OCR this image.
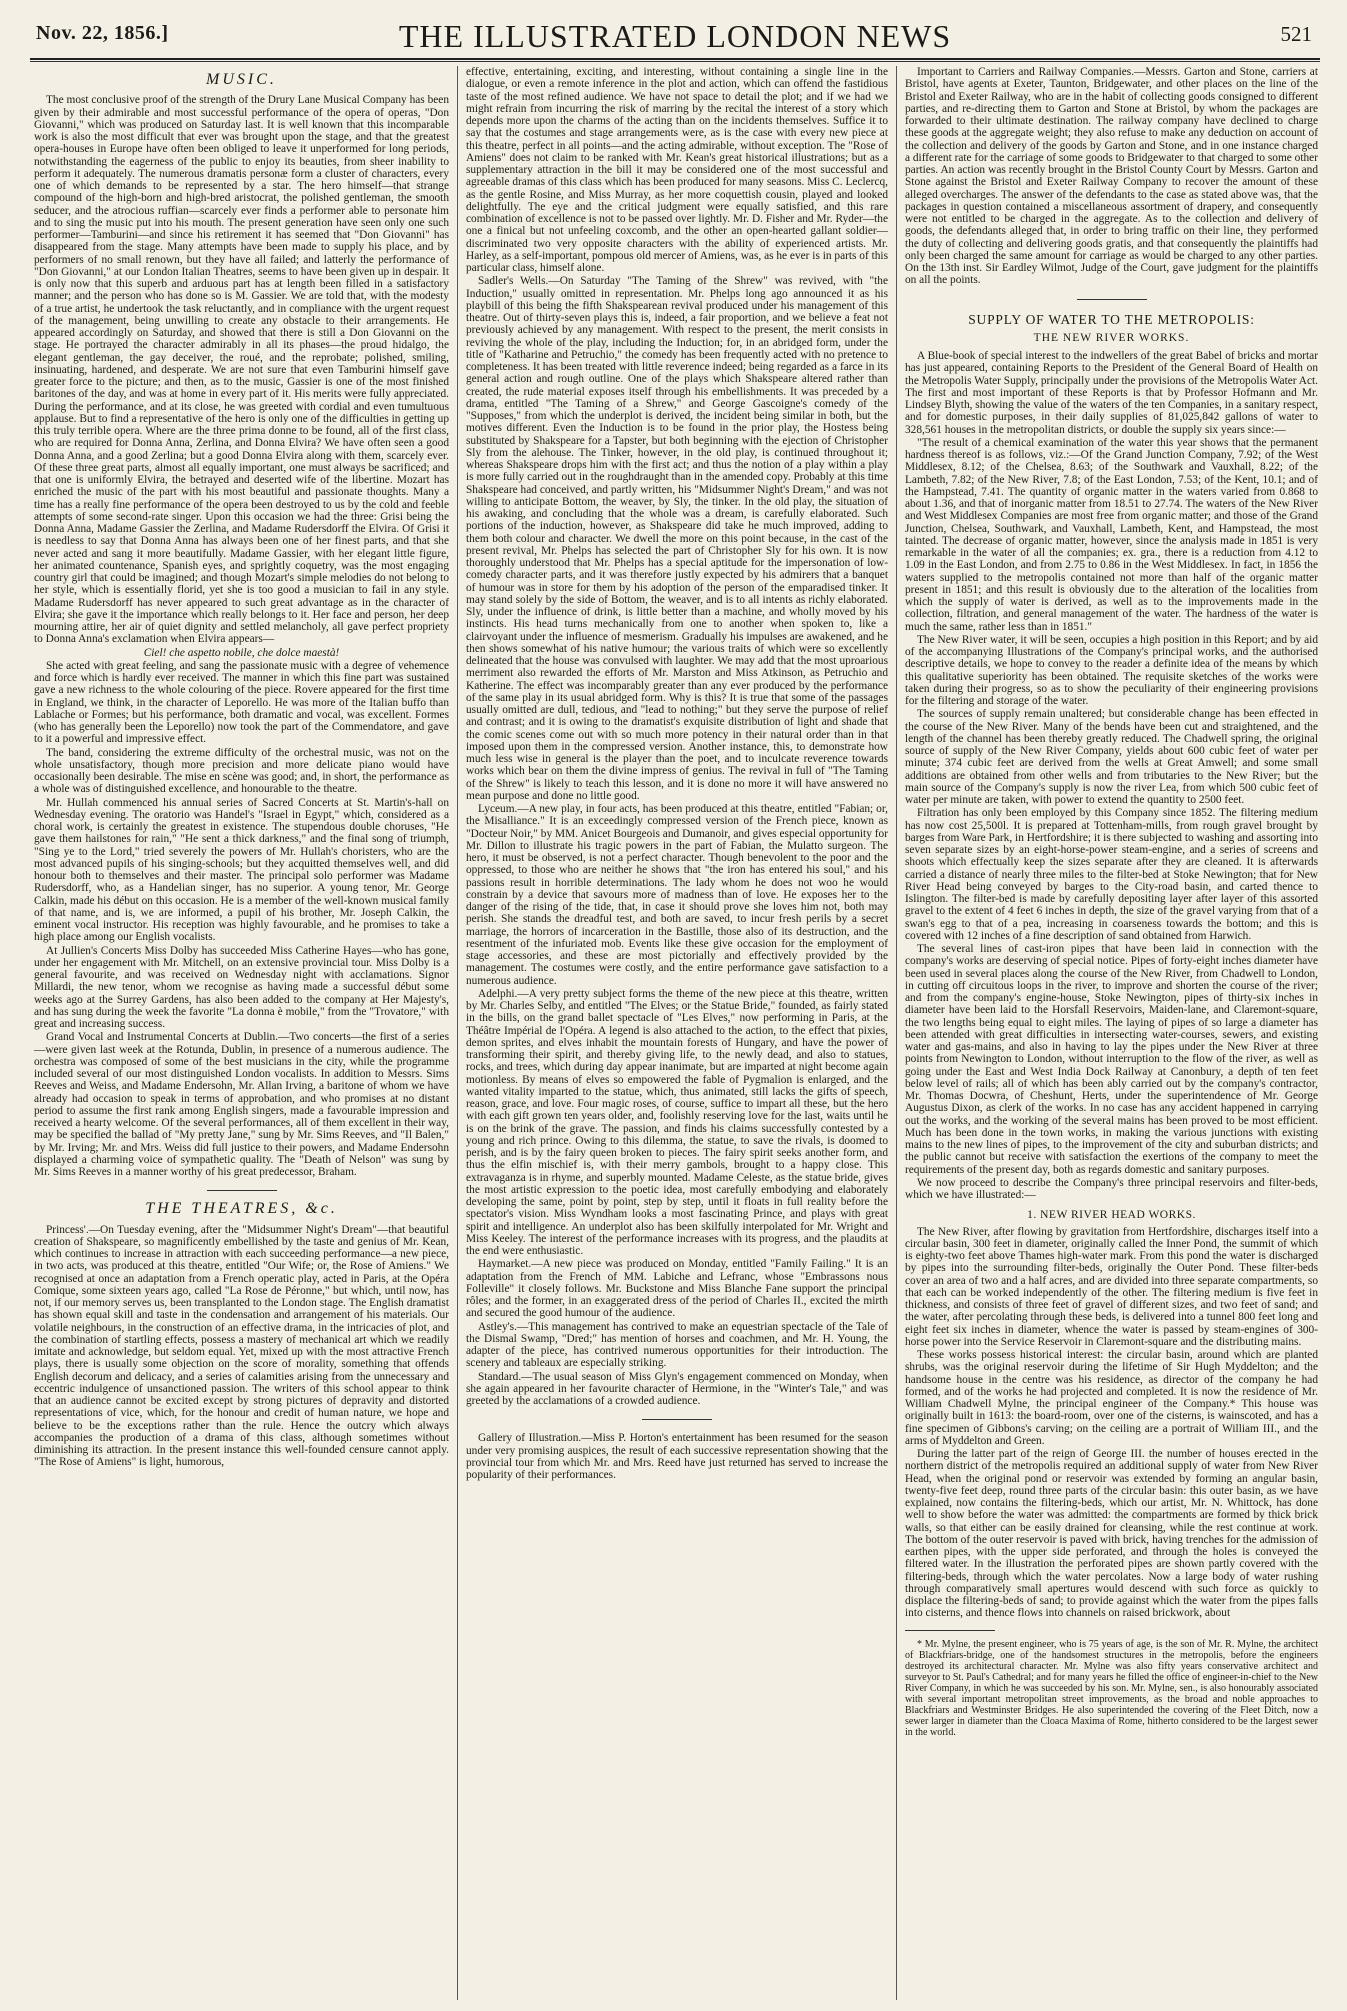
Nov. 22, 1856.]	THE ILLUSTRATED LONDON NEWS	521
MUSIC.

The most conclusive proof of the strength of the Drury Lane Musical Company has been given by their admirable and most successful performance of the opera of operas, "Don Giovanni," which was produced on Saturday last. It is well known that this incomparable work is also the most difficult that ever was brought upon the stage, and that the greatest opera-houses in Europe have often been obliged to leave it unperformed for long periods, notwithstanding the eagerness of the public to enjoy its beauties, from sheer inability to perform it adequately. The numerous dramatis personæ form a cluster of characters, every one of which demands to be represented by a star. The hero himself—that strange compound of the high-born and high-bred aristocrat, the polished gentleman, the smooth seducer, and the atrocious ruffian—scarcely ever finds a performer able to personate him and to sing the music put into his mouth. The present generation have seen only one such performer—Tamburini—and since his retirement it has seemed that "Don Giovanni" has disappeared from the stage. Many attempts have been made to supply his place, and by performers of no small renown, but they have all failed; and latterly the performance of "Don Giovanni," at our London Italian Theatres, seems to have been given up in despair. It is only now that this superb and arduous part has at length been filled in a satisfactory manner; and the person who has done so is M. Gassier. We are told that, with the modesty of a true artist, he undertook the task reluctantly, and in compliance with the urgent request of the management, being unwilling to create any obstacle to their arrangements. He appeared accordingly on Saturday, and showed that there is still a Don Giovanni on the stage. He portrayed the character admirably in all its phases—the proud hidalgo, the elegant gentleman, the gay deceiver, the roué, and the reprobate; polished, smiling, insinuating, hardened, and desperate. We are not sure that even Tamburini himself gave greater force to the picture; and then, as to the music, Gassier is one of the most finished baritones of the day, and was at home in every part of it. His merits were fully appreciated. During the performance, and at its close, he was greeted with cordial and even tumultuous applause. But to find a representative of the hero is only one of the difficulties in getting up this truly terrible opera. Where are the three prima donne to be found, all of the first class, who are required for Donna Anna, Zerlina, and Donna Elvira? We have often seen a good Donna Anna, and a good Zerlina; but a good Donna Elvira along with them, scarcely ever. Of these three great parts, almost all equally important, one must always be sacrificed; and that one is uniformly Elvira, the betrayed and deserted wife of the libertine. Mozart has enriched the music of the part with his most beautiful and passionate thoughts. Many a time has a really fine performance of the opera been destroyed to us by the cold and feeble attempts of some second-rate singer. Upon this occasion we had the three: Grisi being the Donna Anna, Madame Gassier the Zerlina, and Madame Rudersdorff the Elvira. Of Grisi it is needless to say that Donna Anna has always been one of her finest parts, and that she never acted and sang it more beautifully. Madame Gassier, with her elegant little figure, her animated countenance, Spanish eyes, and sprightly coquetry, was the most engaging country girl that could be imagined; and though Mozart's simple melodies do not belong to her style, which is essentially florid, yet she is too good a musician to fail in any style. Madame Rudersdorff has never appeared to such great advantage as in the character of Elvira; she gave it the importance which really belongs to it. Her face and person, her deep mourning attire, her air of quiet dignity and settled melancholy, all gave perfect propriety to Donna Anna's exclamation when Elvira appears—

Ciel! che aspetto nobile, che dolce maestà!

She acted with great feeling, and sang the passionate music with a degree of vehemence and force which is hardly ever received. The manner in which this fine part was sustained gave a new richness to the whole colouring of the piece. Rovere appeared for the first time in England, we think, in the character of Leporello. He was more of the Italian buffo than Lablache or Formes; but his performance, both dramatic and vocal, was excellent. Formes (who has generally been the Leporello) now took the part of the Commendatore, and gave to it a powerful and impressive effect.

The band, considering the extreme difficulty of the orchestral music, was not on the whole unsatisfactory, though more precision and more delicate piano would have occasionally been desirable. The mise en scène was good; and, in short, the performance as a whole was of distinguished excellence, and honourable to the theatre.

Mr. Hullah commenced his annual series of Sacred Concerts at St. Martin's-hall on Wednesday evening. The oratorio was Handel's "Israel in Egypt," which, considered as a choral work, is certainly the greatest in existence. The stupendous double choruses, "He gave them hailstones for rain," "He sent a thick darkness," and the final song of triumph, "Sing ye to the Lord," tried severely the powers of Mr. Hullah's choristers, who are the most advanced pupils of his singing-schools; but they acquitted themselves well, and did honour both to themselves and their master. The principal solo performer was Madame Rudersdorff, who, as a Handelian singer, has no superior. A young tenor, Mr. George Calkin, made his début on this occasion. He is a member of the well-known musical family of that name, and is, we are informed, a pupil of his brother, Mr. Joseph Calkin, the eminent vocal instructor. His reception was highly favourable, and he promises to take a high place among our English vocalists.

At Jullien's Concerts Miss Dolby has succeeded Miss Catherine Hayes—who has gone, under her engagement with Mr. Mitchell, on an extensive provincial tour. Miss Dolby is a general favourite, and was received on Wednesday night with acclamations. Signor Millardi, the new tenor, whom we recognise as having made a successful début some weeks ago at the Surrey Gardens, has also been added to the company at Her Majesty's, and has sung during the week the favorite "La donna è mobile," from the "Trovatore," with great and increasing success.

Grand Vocal and Instrumental Concerts at Dublin.—Two concerts—the first of a series—were given last week at the Rotunda, Dublin, in presence of a numerous audience. The orchestra was composed of some of the best musicians in the city, while the programme included several of our most distinguished London vocalists. In addition to Messrs. Sims Reeves and Weiss, and Madame Endersohn, Mr. Allan Irving, a baritone of whom we have already had occasion to speak in terms of approbation, and who promises at no distant period to assume the first rank among English singers, made a favourable impression and received a hearty welcome. Of the several performances, all of them excellent in their way, may be specified the ballad of "My pretty Jane," sung by Mr. Sims Reeves, and "Il Balen," by Mr. Irving; Mr. and Mrs. Weiss did full justice to their powers, and Madame Endersohn displayed a charming voice of sympathetic quality. The "Death of Nelson" was sung by Mr. Sims Reeves in a manner worthy of his great predecessor, Braham.

THE THEATRES, &c.

Princess'.—On Tuesday evening, after the "Midsummer Night's Dream"—that beautiful creation of Shakspeare, so magnificently embellished by the taste and genius of Mr. Kean, which continues to increase in attraction with each succeeding performance—a new piece, in two acts, was produced at this theatre, entitled "Our Wife; or, the Rose of Amiens." We recognised at once an adaptation from a French operatic play, acted in Paris, at the Opéra Comique, some sixteen years ago, called "La Rose de Péronne," but which, until now, has not, if our memory serves us, been transplanted to the London stage. The English dramatist has shown equal skill and taste in the condensation and arrangement of his materials. Our volatile neighbours, in the construction of an effective drama, in the intricacies of plot, and the combination of startling effects, possess a mastery of mechanical art which we readily imitate and acknowledge, but seldom equal. Yet, mixed up with the most attractive French plays, there is usually some objection on the score of morality, something that offends English decorum and delicacy, and a series of calamities arising from the unnecessary and eccentric indulgence of unsanctioned passion. The writers of this school appear to think that an audience cannot be excited except by strong pictures of depravity and distorted representations of vice, which, for the honour and credit of human nature, we hope and believe to be the exceptions rather than the rule. Hence the outcry which always accompanies the production of a drama of this class, although sometimes without diminishing its attraction. In the present instance this well-founded censure cannot apply. "The Rose of Amiens" is light, humorous,

effective, entertaining, exciting, and interesting, without containing a single line in the dialogue, or even a remote inference in the plot and action, which can offend the fastidious taste of the most refined audience. We have not space to detail the plot; and if we had we might refrain from incurring the risk of marring by the recital the interest of a story which depends more upon the charms of the acting than on the incidents themselves. Suffice it to say that the costumes and stage arrangements were, as is the case with every new piece at this theatre, perfect in all points—and the acting admirable, without exception. The "Rose of Amiens" does not claim to be ranked with Mr. Kean's great historical illustrations; but as a supplementary attraction in the bill it may be considered one of the most successful and agreeable dramas of this class which has been produced for many seasons. Miss C. Leclercq, as the gentle Rosine, and Miss Murray, as her more coquettish cousin, played and looked delightfully. The eye and the critical judgment were equally satisfied, and this rare combination of excellence is not to be passed over lightly. Mr. D. Fisher and Mr. Ryder—the one a finical but not unfeeling coxcomb, and the other an open-hearted gallant soldier—discriminated two very opposite characters with the ability of experienced artists. Mr. Harley, as a self-important, pompous old mercer of Amiens, was, as he ever is in parts of this particular class, himself alone.

Sadler's Wells.—On Saturday "The Taming of the Shrew" was revived, with "the Induction," usually omitted in representation. Mr. Phelps long ago announced it as his playbill of this being the fifth Shakspearean revival produced under his management of this theatre. Out of thirty-seven plays this is, indeed, a fair proportion, and we believe a feat not previously achieved by any management. With respect to the present, the merit consists in reviving the whole of the play, including the Induction; for, in an abridged form, under the title of "Katharine and Petruchio," the comedy has been frequently acted with no pretence to completeness. It has been treated with little reverence indeed; being regarded as a farce in its general action and rough outline. One of the plays which Shakspeare altered rather than created, the rude material exposes itself through his embellishments. It was preceded by a drama, entitled "The Taming of a Shrew," and George Gascoigne's comedy of the "Supposes," from which the underplot is derived, the incident being similar in both, but the motives different. Even the Induction is to be found in the prior play, the Hostess being substituted by Shakspeare for a Tapster, but both beginning with the ejection of Christopher Sly from the alehouse. The Tinker, however, in the old play, is continued throughout it; whereas Shakspeare drops him with the first act; and thus the notion of a play within a play is more fully carried out in the roughdraught than in the amended copy. Probably at this time Shakspeare had conceived, and partly written, his "Midsummer Night's Dream," and was not willing to anticipate Bottom, the weaver, by Sly, the tinker. In the old play, the situation of his awaking, and concluding that the whole was a dream, is carefully elaborated. Such portions of the induction, however, as Shakspeare did take he much improved, adding to them both colour and character. We dwell the more on this point because, in the cast of the present revival, Mr. Phelps has selected the part of Christopher Sly for his own. It is now thoroughly understood that Mr. Phelps has a special aptitude for the impersonation of low-comedy character parts, and it was therefore justly expected by his admirers that a banquet of humour was in store for them by his adoption of the person of the emparadised tinker. It may stand solely by the side of Bottom, the weaver, and is to all intents as richly elaborated. Sly, under the influence of drink, is little better than a machine, and wholly moved by his instincts. His head turns mechanically from one to another when spoken to, like a clairvoyant under the influence of mesmerism. Gradually his impulses are awakened, and he then shows somewhat of his native humour; the various traits of which were so excellently delineated that the house was convulsed with laughter. We may add that the most uproarious merriment also rewarded the efforts of Mr. Marston and Miss Atkinson, as Petruchio and Katherine. The effect was incomparably greater than any ever produced by the performance of the same play in its usual abridged form. Why is this? It is true that some of the passages usually omitted are dull, tedious, and "lead to nothing;" but they serve the purpose of relief and contrast; and it is owing to the dramatist's exquisite distribution of light and shade that the comic scenes come out with so much more potency in their natural order than in that imposed upon them in the compressed version. Another instance, this, to demonstrate how much less wise in general is the player than the poet, and to inculcate reverence towards works which bear on them the divine impress of genius. The revival in full of "The Taming of the Shrew" is likely to teach this lesson, and it is done no more it will have answered no mean purpose and done no little good.

Lyceum.—A new play, in four acts, has been produced at this theatre, entitled "Fabian; or, the Misalliance." It is an exceedingly compressed version of the French piece, known as "Docteur Noir," by MM. Anicet Bourgeois and Dumanoir, and gives especial opportunity for Mr. Dillon to illustrate his tragic powers in the part of Fabian, the Mulatto surgeon. The hero, it must be observed, is not a perfect character. Though benevolent to the poor and the oppressed, to those who are neither he shows that "the iron has entered his soul," and his passions result in horrible determinations. The lady whom he does not woo he would constrain by a device that savours more of madness than of love. He exposes her to the danger of the rising of the tide, that, in case it should prove she loves him not, both may perish. She stands the dreadful test, and both are saved, to incur fresh perils by a secret marriage, the horrors of incarceration in the Bastille, those also of its destruction, and the resentment of the infuriated mob. Events like these give occasion for the employment of stage accessories, and these are most pictorially and effectively provided by the management. The costumes were costly, and the entire performance gave satisfaction to a numerous audience.

Adelphi.—A very pretty subject forms the theme of the new piece at this theatre, written by Mr. Charles Selby, and entitled "The Elves; or the Statue Bride," founded, as fairly stated in the bills, on the grand ballet spectacle of "Les Elves," now performing in Paris, at the Théâtre Impérial de l'Opéra. A legend is also attached to the action, to the effect that pixies, demon sprites, and elves inhabit the mountain forests of Hungary, and have the power of transforming their spirit, and thereby giving life, to the newly dead, and also to statues, rocks, and trees, which during day appear inanimate, but are imparted at night become again motionless. By means of elves so empowered the fable of Pygmalion is enlarged, and the wanted vitality imparted to the statue, which, thus animated, still lacks the gifts of speech, reason, grace, and love. Four magic roses, of course, suffice to impart all these, but the hero with each gift grown ten years older, and, foolishly reserving love for the last, waits until he is on the brink of the grave. The passion, and finds his claims successfully contested by a young and rich prince. Owing to this dilemma, the statue, to save the rivals, is doomed to perish, and is by the fairy queen broken to pieces. The fairy spirit seeks another form, and thus the elfin mischief is, with their merry gambols, brought to a happy close. This extravaganza is in rhyme, and superbly mounted. Madame Celeste, as the statue bride, gives the most artistic expression to the poetic idea, most carefully embodying and elaborately developing the same, point by point, step by step, until it floats in full reality before the spectator's vision. Miss Wyndham looks a most fascinating Prince, and plays with great spirit and intelligence. An underplot also has been skilfully interpolated for Mr. Wright and Miss Keeley. The interest of the performance increases with its progress, and the plaudits at the end were enthusiastic.

Haymarket.—A new piece was produced on Monday, entitled "Family Failing." It is an adaptation from the French of MM. Labiche and Lefranc, whose "Embrassons nous Folleville" it closely follows. Mr. Buckstone and Miss Blanche Fane support the principal rôles; and the former, in an exaggerated dress of the period of Charles II., excited the mirth and secured the good humour of the audience.

Astley's.—This management has contrived to make an equestrian spectacle of the Tale of the Dismal Swamp, "Dred;" has mention of horses and coachmen, and Mr. H. Young, the adapter of the piece, has contrived numerous opportunities for their introduction. The scenery and tableaux are especially striking.

Standard.—The usual season of Miss Glyn's engagement commenced on Monday, when she again appeared in her favourite character of Hermione, in the "Winter's Tale," and was greeted by the acclamations of a crowded audience.

Gallery of Illustration.—Miss P. Horton's entertainment has been resumed for the season under very promising auspices, the result of each successive representation showing that the provincial tour from which Mr. and Mrs. Reed have just returned has served to increase the popularity of their performances.

Important to Carriers and Railway Companies.—Messrs. Garton and Stone, carriers at Bristol, have agents at Exeter, Taunton, Bridgewater, and other places on the line of the Bristol and Exeter Railway, who are in the habit of collecting goods consigned to different parties, and re-directing them to Garton and Stone at Bristol, by whom the packages are forwarded to their ultimate destination. The railway company have declined to charge these goods at the aggregate weight; they also refuse to make any deduction on account of the collection and delivery of the goods by Garton and Stone, and in one instance charged a different rate for the carriage of some goods to Bridgewater to that charged to some other parties. An action was recently brought in the Bristol County Court by Messrs. Garton and Stone against the Bristol and Exeter Railway Company to recover the amount of these alleged overcharges. The answer of the defendants to the case as stated above was, that the packages in question contained a miscellaneous assortment of drapery, and consequently were not entitled to be charged in the aggregate. As to the collection and delivery of goods, the defendants alleged that, in order to bring traffic on their line, they performed the duty of collecting and delivering goods gratis, and that consequently the plaintiffs had only been charged the same amount for carriage as would be charged to any other parties. On the 13th inst. Sir Eardley Wilmot, Judge of the Court, gave judgment for the plaintiffs on all the points.

SUPPLY OF WATER TO THE METROPOLIS:
THE NEW RIVER WORKS.

A Blue-book of special interest to the indwellers of the great Babel of bricks and mortar has just appeared, containing Reports to the President of the General Board of Health on the Metropolis Water Supply, principally under the provisions of the Metropolis Water Act. The first and most important of these Reports is that by Professor Hofmann and Mr. Lindsey Blyth, showing the value of the waters of the ten Companies, in a sanitary respect, and for domestic purposes, in their daily supplies of 81,025,842 gallons of water to 328,561 houses in the metropolitan districts, or double the supply six years since:—

"The result of a chemical examination of the water this year shows that the permanent hardness thereof is as follows, viz.:—Of the Grand Junction Company, 7.92; of the West Middlesex, 8.12; of the Chelsea, 8.63; of the Southwark and Vauxhall, 8.22; of the Lambeth, 7.82; of the New River, 7.8; of the East London, 7.53; of the Kent, 10.1; and of the Hampstead, 7.41. The quantity of organic matter in the waters varied from 0.868 to about 1.36, and that of inorganic matter from 18.51 to 27.74. The waters of the New River and West Middlesex Companies are most free from organic matter; and those of the Grand Junction, Chelsea, Southwark, and Vauxhall, Lambeth, Kent, and Hampstead, the most tainted. The decrease of organic matter, however, since the analysis made in 1851 is very remarkable in the water of all the companies; ex. gra., there is a reduction from 4.12 to 1.09 in the East London, and from 2.75 to 0.86 in the West Middlesex. In fact, in 1856 the waters supplied to the metropolis contained not more than half of the organic matter present in 1851; and this result is obviously due to the alteration of the localities from which the supply of water is derived, as well as to the improvements made in the collection, filtration, and general management of the water. The hardness of the water is much the same, rather less than in 1851."

The New River water, it will be seen, occupies a high position in this Report; and by aid of the accompanying Illustrations of the Company's principal works, and the authorised descriptive details, we hope to convey to the reader a definite idea of the means by which this qualitative superiority has been obtained. The requisite sketches of the works were taken during their progress, so as to show the peculiarity of their engineering provisions for the filtering and storage of the water.

The sources of supply remain unaltered; but considerable change has been effected in the course of the New River. Many of the bends have been cut and straightened, and the length of the channel has been thereby greatly reduced. The Chadwell spring, the original source of supply of the New River Company, yields about 600 cubic feet of water per minute; 374 cubic feet are derived from the wells at Great Amwell; and some small additions are obtained from other wells and from tributaries to the New River; but the main source of the Company's supply is now the river Lea, from which 500 cubic feet of water per minute are taken, with power to extend the quantity to 2500 feet.

Filtration has only been employed by this Company since 1852. The filtering medium has now cost 25,500l. It is prepared at Tottenham-mills, from rough gravel brought by barges from Ware Park, in Hertfordshire; it is there subjected to washing and assorting into seven separate sizes by an eight-horse-power steam-engine, and a series of screens and shoots which effectually keep the sizes separate after they are cleaned. It is afterwards carried a distance of nearly three miles to the filter-bed at Stoke Newington; that for New River Head being conveyed by barges to the City-road basin, and carted thence to Islington. The filter-bed is made by carefully depositing layer after layer of this assorted gravel to the extent of 4 feet 6 inches in depth, the size of the gravel varying from that of a swan's egg to that of a pea, increasing in coarseness towards the bottom; and this is covered with 12 inches of a fine description of sand obtained from Harwich.

The several lines of cast-iron pipes that have been laid in connection with the company's works are deserving of special notice. Pipes of forty-eight inches diameter have been used in several places along the course of the New River, from Chadwell to London, in cutting off circuitous loops in the river, to improve and shorten the course of the river; and from the company's engine-house, Stoke Newington, pipes of thirty-six inches in diameter have been laid to the Horsfall Reservoirs, Maiden-lane, and Claremont-square, the two lengths being equal to eight miles. The laying of pipes of so large a diameter has been attended with great difficulties in intersecting water-courses, sewers, and existing water and gas-mains, and also in having to lay the pipes under the New River at three points from Newington to London, without interruption to the flow of the river, as well as going under the East and West India Dock Railway at Canonbury, a depth of ten feet below level of rails; all of which has been ably carried out by the company's contractor, Mr. Thomas Docwra, of Cheshunt, Herts, under the superintendence of Mr. George Augustus Dixon, as clerk of the works. In no case has any accident happened in carrying out the works, and the working of the several mains has been proved to be most efficient. Much has been done in the town works, in making the various junctions with existing mains to the new lines of pipes, to the improvement of the city and suburban districts; and the public cannot but receive with satisfaction the exertions of the company to meet the requirements of the present day, both as regards domestic and sanitary purposes.

We now proceed to describe the Company's three principal reservoirs and filter-beds, which we have illustrated:—

1. NEW RIVER HEAD WORKS.

The New River, after flowing by gravitation from Hertfordshire, discharges itself into a circular basin, 300 feet in diameter, originally called the Inner Pond, the summit of which is eighty-two feet above Thames high-water mark. From this pond the water is discharged by pipes into the surrounding filter-beds, originally the Outer Pond. These filter-beds cover an area of two and a half acres, and are divided into three separate compartments, so that each can be worked independently of the other. The filtering medium is five feet in thickness, and consists of three feet of gravel of different sizes, and two feet of sand; and the water, after percolating through these beds, is delivered into a tunnel 800 feet long and eight feet six inches in diameter, whence the water is passed by steam-engines of 300-horse power into the Service Reservoir in Claremont-square and the distributing mains.

These works possess historical interest: the circular basin, around which are planted shrubs, was the original reservoir during the lifetime of Sir Hugh Myddelton; and the handsome house in the centre was his residence, as director of the company he had formed, and of the works he had projected and completed. It is now the residence of Mr. William Chadwell Mylne, the principal engineer of the Company.* This house was originally built in 1613: the board-room, over one of the cisterns, is wainscoted, and has a fine specimen of Gibbons's carving; on the ceiling are a portrait of William III., and the arms of Myddelton and Green.

During the latter part of the reign of George III. the number of houses erected in the northern district of the metropolis required an additional supply of water from New River Head, when the original pond or reservoir was extended by forming an angular basin, twenty-five feet deep, round three parts of the circular basin: this outer basin, as we have explained, now contains the filtering-beds, which our artist, Mr. N. Whittock, has done well to show before the water was admitted: the compartments are formed by thick brick walls, so that either can be easily drained for cleansing, while the rest continue at work. The bottom of the outer reservoir is paved with brick, having trenches for the admission of earthen pipes, with the upper side perforated, and through the holes is conveyed the filtered water. In the illustration the perforated pipes are shown partly covered with the filtering-beds, through which the water percolates. Now a large body of water rushing through comparatively small apertures would descend with such force as quickly to displace the filtering-beds of sand; to provide against which the water from the pipes falls into cisterns, and thence flows into channels on raised brickwork, about

* Mr. Mylne, the present engineer, who is 75 years of age, is the son of Mr. R. Mylne, the architect of Blackfriars-bridge, one of the handsomest structures in the metropolis, before the engineers destroyed its architectural character. Mr. Mylne was also fifty years conservative architect and surveyor to St. Paul's Cathedral; and for many years he filled the office of engineer-in-chief to the New River Company, in which he was succeeded by his son. Mr. Mylne, sen., is also honourably associated with several important metropolitan street improvements, as the broad and noble approaches to Blackfriars and Westminster Bridges. He also superintended the covering of the Fleet Ditch, now a sewer larger in diameter than the Cloaca Maxima of Rome, hitherto considered to be the largest sewer in the world.
